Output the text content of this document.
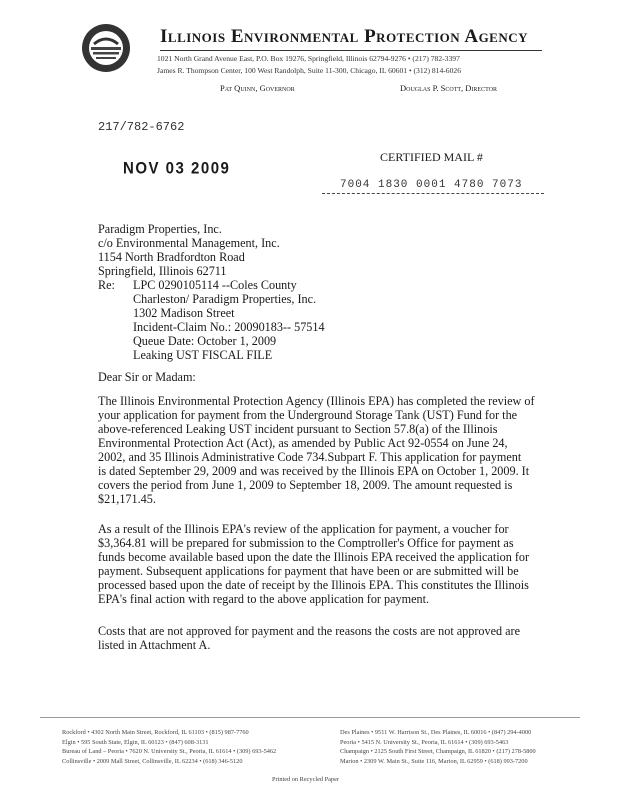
Illinois Environmental Protection Agency
1021 North Grand Avenue East, P.O. Box 19276, Springfield, Illinois 62794-9276 • (217) 782-3397
James R. Thompson Center, 100 West Randolph, Suite 11-300, Chicago, IL 60601 • (312) 814-6026
Pat Quinn, Governor	Douglas P. Scott, Director
217/782-6762
NOV 03 2009
CERTIFIED MAIL #
7004 1830 0001 4780 7073
Paradigm Properties, Inc.
c/o Environmental Management, Inc.
1154 North Bradfordton Road
Springfield, Illinois 62711
Re: LPC 0290105114 --Coles County
Charleston/ Paradigm Properties, Inc.
1302 Madison Street
Incident-Claim No.: 20090183-- 57514
Queue Date: October 1, 2009
Leaking UST FISCAL FILE
Dear Sir or Madam:

The Illinois Environmental Protection Agency (Illinois EPA) has completed the review of

your application for payment from the Underground Storage Tank (UST) Fund for the

above-referenced Leaking UST incident pursuant to Section 57.8(a) of the Illinois

Environmental Protection Act (Act), as amended by Public Act 92-0554 on June 24,

2002, and 35 Illinois Administrative Code 734.Subpart F. This application for payment

is dated September 29, 2009 and was received by the Illinois EPA on October 1, 2009. It

covers the period from June 1, 2009 to September 18, 2009. The amount requested is

$21,171.45.

As a result of the Illinois EPA's review of the application for payment, a voucher for

$3,364.81 will be prepared for submission to the Comptroller's Office for payment as

funds become available based upon the date the Illinois EPA received the application for

payment. Subsequent applications for payment that have been or are submitted will be

processed based upon the date of receipt by the Illinois EPA. This constitutes the Illinois

EPA's final action with regard to the above application for payment.

Costs that are not approved for payment and the reasons the costs are not approved are

listed in Attachment A.

Rockford • 4302 North Main Street, Rockford, IL 61103 • (815) 987-7760
Elgin • 595 South State, Elgin, IL 60123 • (847) 608-3131
Bureau of Land – Peoria • 7620 N. University St., Peoria, IL 61614 • (309) 693-5462
Collinsville • 2009 Mall Street, Collinsville, IL 62234 • (618) 346-5120
Des Plaines • 9511 W. Harrison St., Des Plaines, IL 60016 • (847) 294-4000
Peoria • 5415 N. University St., Peoria, IL 61614 • (309) 693-5463
Champaign • 2125 South First Street, Champaign, IL 61820 • (217) 278-5800
Marion • 2309 W. Main St., Suite 116, Marion, IL 62959 • (618) 993-7200
Printed on Recycled Paper
